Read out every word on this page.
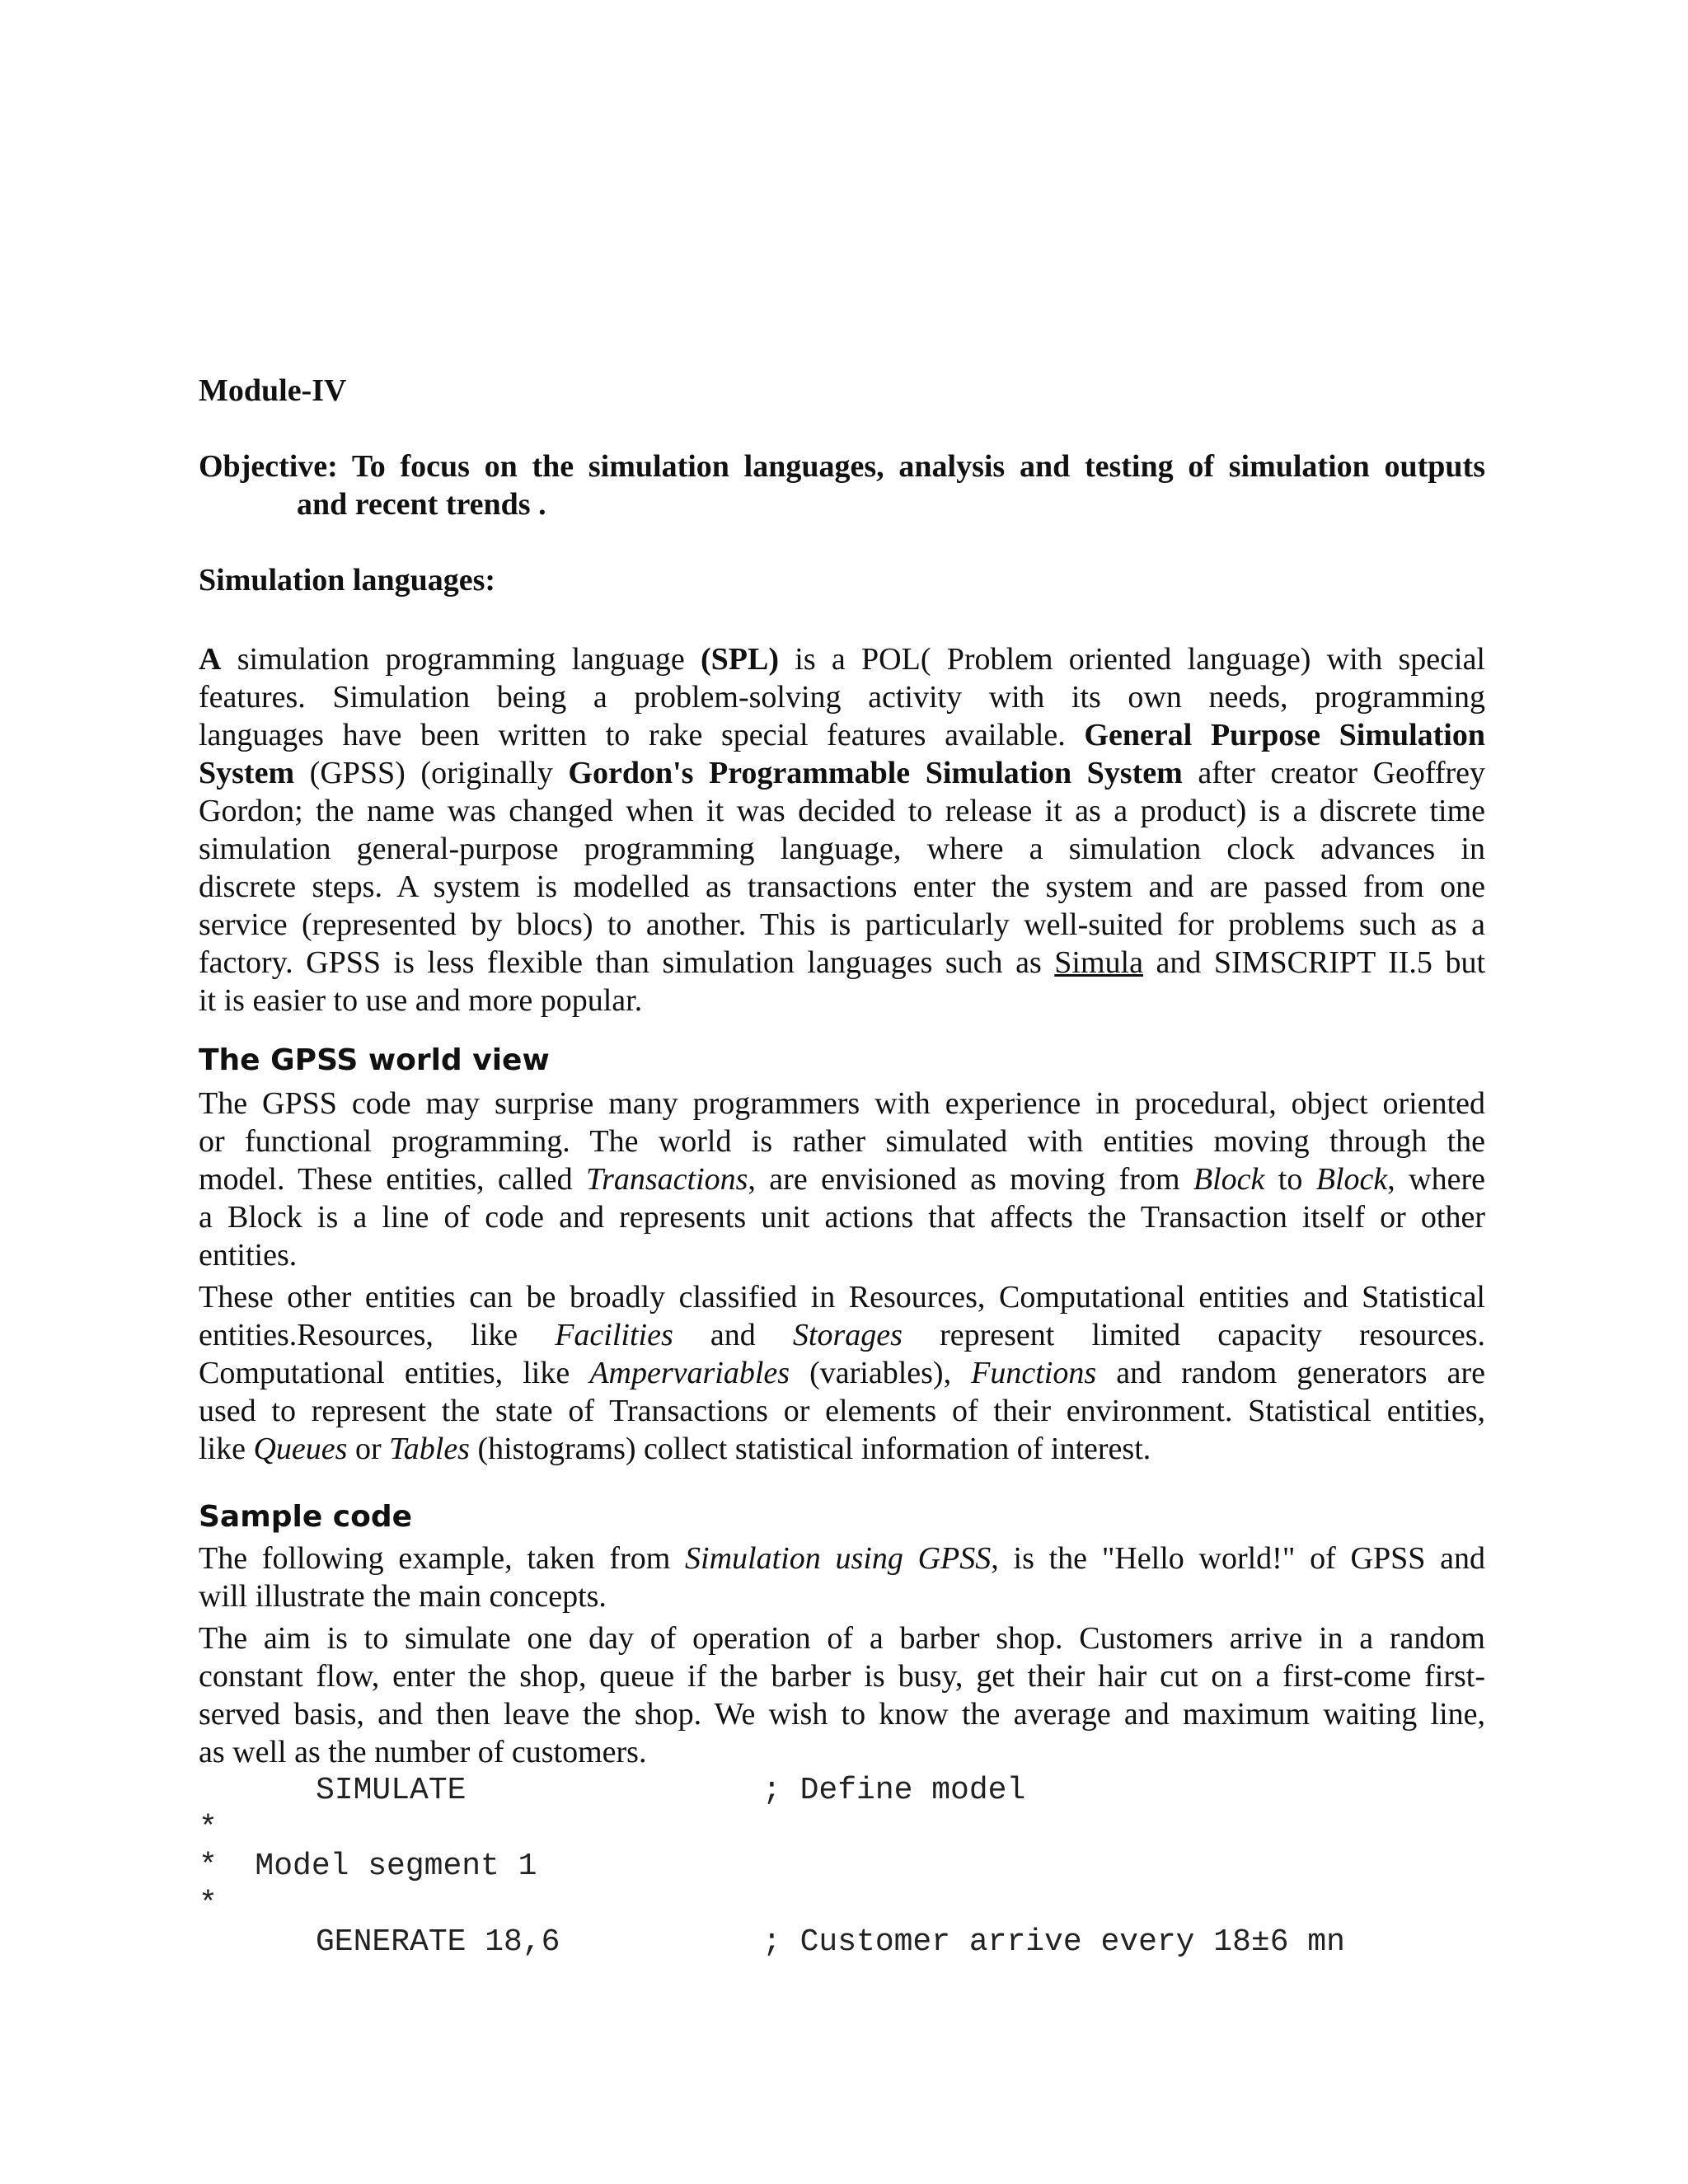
Module-IV
Objective: To focus on the simulation languages, analysis and testing of simulation outputs
and recent trends .
Simulation languages:
A simulation programming language (SPL) is a POL( Problem oriented language) with special
features. Simulation being a problem-solving activity with its own needs, programming
languages have been written to rake special features available. General Purpose Simulation
System (GPSS) (originally Gordon's Programmable Simulation System after creator Geoffrey
Gordon; the name was changed when it was decided to release it as a product) is a discrete time
simulation general-purpose programming language, where a simulation clock advances in
discrete steps. A system is modelled as transactions enter the system and are passed from one
service (represented by blocs) to another. This is particularly well-suited for problems such as a
factory. GPSS is less flexible than simulation languages such as Simula and SIMSCRIPT II.5 but
it is easier to use and more popular.
The GPSS world view
The GPSS code may surprise many programmers with experience in procedural, object oriented
or functional programming. The world is rather simulated with entities moving through the
model. These entities, called Transactions, are envisioned as moving from Block to Block, where
a Block is a line of code and represents unit actions that affects the Transaction itself or other
entities.
These other entities can be broadly classified in Resources, Computational entities and Statistical
entities.Resources, like Facilities and Storages represent limited capacity resources.
Computational entities, like Ampervariables (variables), Functions and random generators are
used to represent the state of Transactions or elements of their environment. Statistical entities,
like Queues or Tables (histograms) collect statistical information of interest.
Sample code
The following example, taken from Simulation using GPSS, is the "Hello world!" of GPSS and
will illustrate the main concepts.
The aim is to simulate one day of operation of a barber shop. Customers arrive in a random
constant flow, enter the shop, queue if the barber is busy, get their hair cut on a first-come first-
served basis, and then leave the shop. We wish to know the average and maximum waiting line,
as well as the number of customers.
SIMULATE	; Define model
*
*  Model segment 1
*
GENERATE 18,6	; Customer arrive every 18±6 mn
